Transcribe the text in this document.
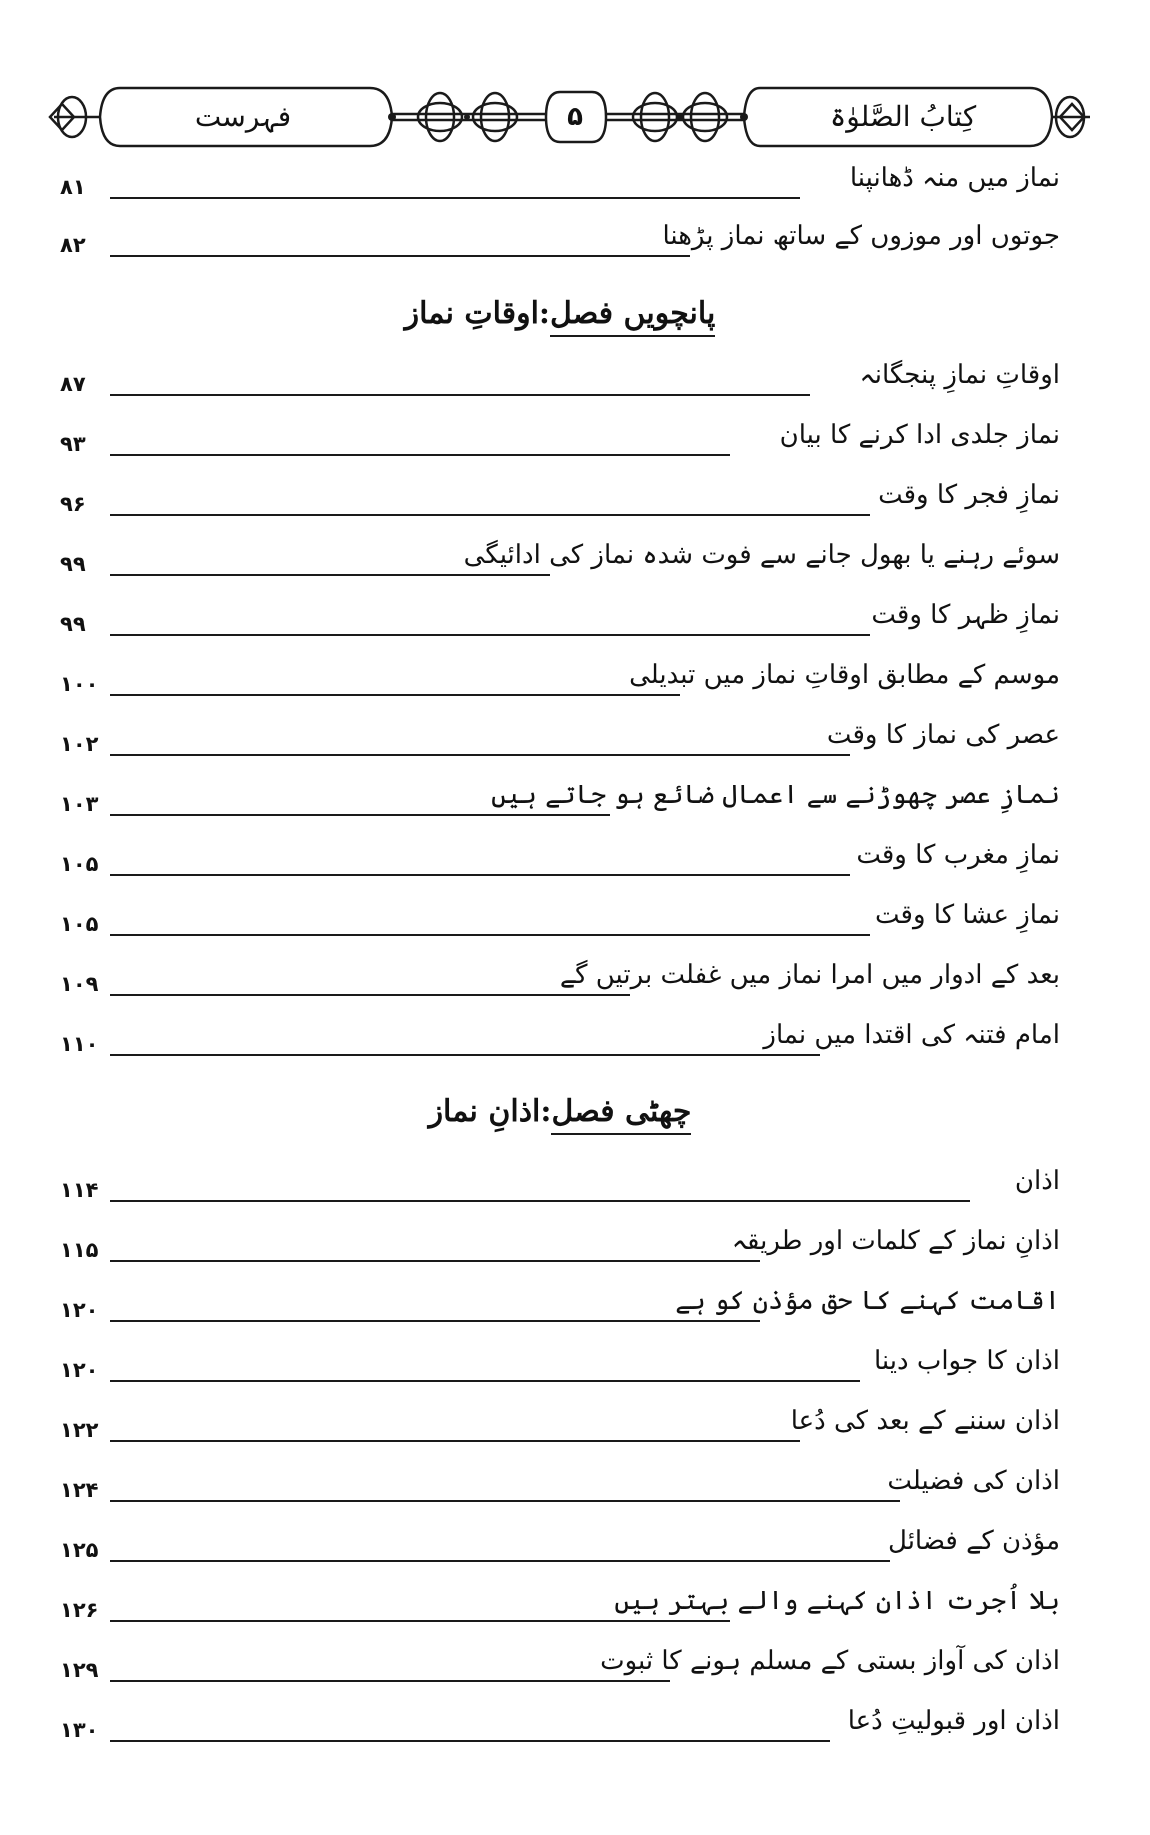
کِتابُ الصَّلوٰۃ
۵
فہرست
نماز میں منہ ڈھانپنا
۸۱
جوتوں اور موزوں کے ساتھ نماز پڑھنا
۸۲
پانچویں فصل:اوقاتِ نماز
اوقاتِ نمازِ پنجگانہ
۸۷
نماز جلدی ادا کرنے کا بیان
۹۳
نمازِ فجر کا وقت
۹۶
سوئے رہنے یا بھول جانے سے فوت شدہ نماز کی ادائیگی
۹۹
نمازِ ظہر کا وقت
۹۹
موسم کے مطابق اوقاتِ نماز میں تبدیلی
۱۰۰
عصر کی نماز کا وقت
۱۰۲
نمازِ عصر چھوڑنے سے اعمال ضائع ہو جاتے ہیں
۱۰۳
نمازِ مغرب کا وقت
۱۰۵
نمازِ عشا کا وقت
۱۰۵
بعد کے ادوار میں امرا نماز میں غفلت برتیں گے
۱۰۹
امام فتنہ کی اقتدا میں نماز
۱۱۰
چھٹی فصل:اذانِ نماز
اذان
۱۱۴
اذانِ نماز کے کلمات اور طریقہ
۱۱۵
اقامت کہنے کا حق مؤذن کو ہے
۱۲۰
اذان کا جواب دینا
۱۲۰
اذان سننے کے بعد کی دُعا
۱۲۲
اذان کی فضیلت
۱۲۴
مؤذن کے فضائل
۱۲۵
بلا اُجرت اذان کہنے والے بہتر ہیں
۱۲۶
اذان کی آواز بستی کے مسلم ہونے کا ثبوت
۱۲۹
اذان اور قبولیتِ دُعا
۱۳۰
